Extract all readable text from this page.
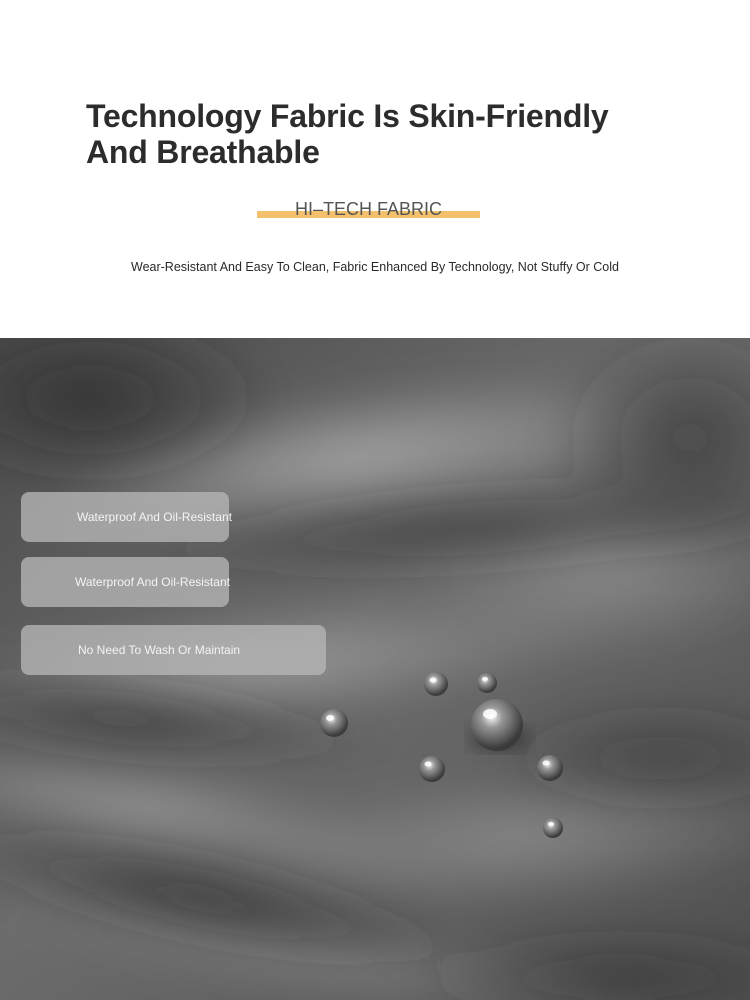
Technology Fabric Is Skin-Friendly
And Breathable
HI–TECH FABRIC
Wear-Resistant And Easy To Clean, Fabric Enhanced By Technology, Not Stuffy Or Cold
Waterproof And Oil-Resistant
Waterproof And Oil-Resistant
No Need To Wash Or Maintain
